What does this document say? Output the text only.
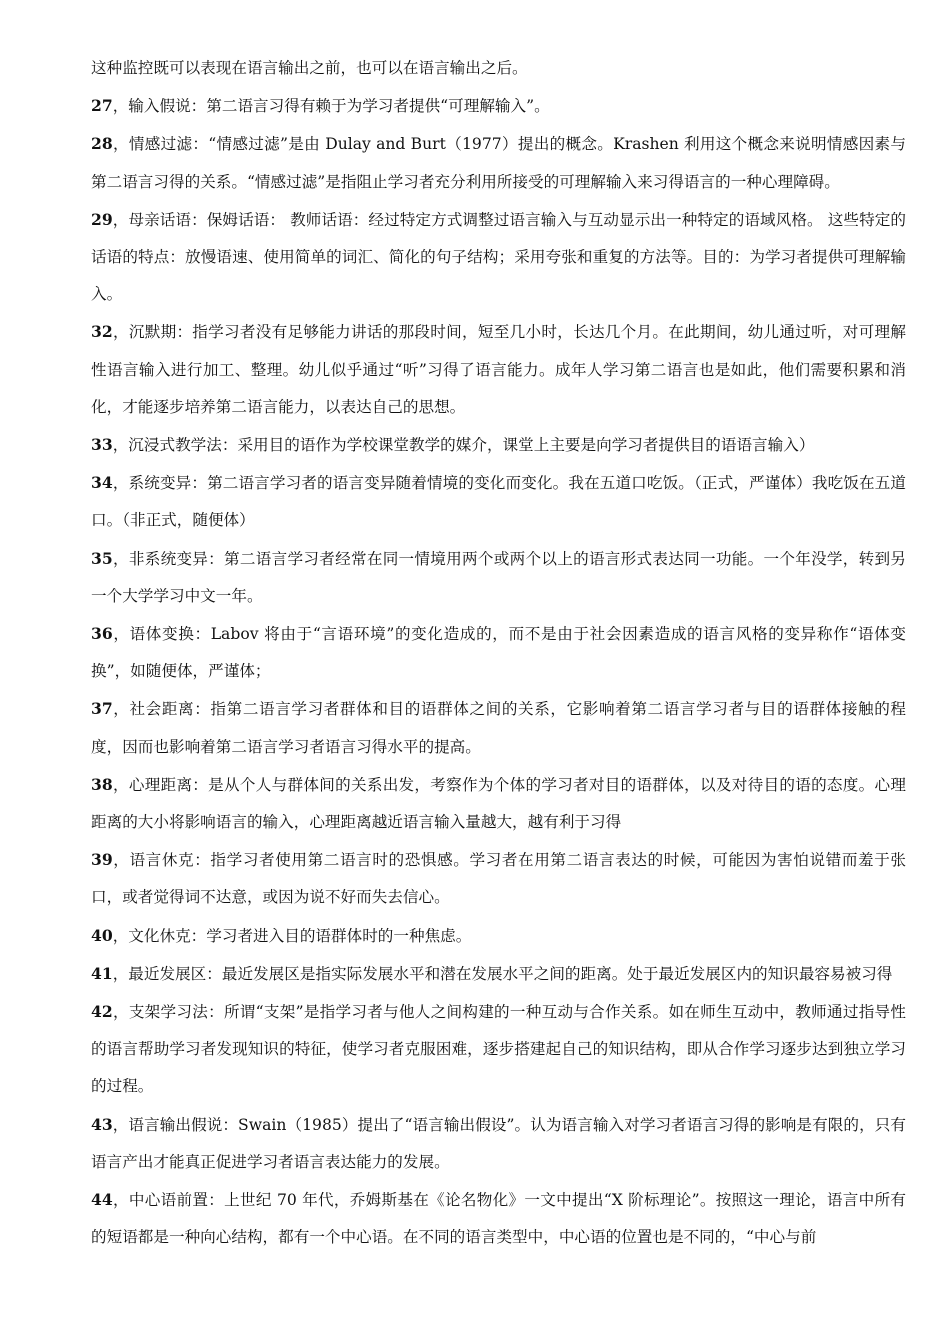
这种监控既可以表现在语言输出之前，也可以在语言输出之后。

27，输入假说：第二语言习得有赖于为学习者提供“可理解输入”。

28，情感过滤：“情感过滤”是由 Dulay and Burt（1977）提出的概念。Krashen 利用这个概念来说明情感因素与第二语言习得的关系。“情感过滤”是指阻止学习者充分利用所接受的可理解输入来习得语言的一种心理障碍。

29，母亲话语：保姆话语： 教师话语：经过特定方式调整过语言输入与互动显示出一种特定的语域风格。 这些特定的话语的特点：放慢语速、使用简单的词汇、简化的句子结构；采用夸张和重复的方法等。目的：为学习者提供可理解输入。

32，沉默期：指学习者没有足够能力讲话的那段时间，短至几小时，长达几个月。在此期间，幼儿通过听，对可理解性语言输入进行加工、整理。幼儿似乎通过“听”习得了语言能力。成年人学习第二语言也是如此，他们需要积累和消化，才能逐步培养第二语言能力，以表达自己的思想。

33，沉浸式教学法：采用目的语作为学校课堂教学的媒介，课堂上主要是向学习者提供目的语语言输入）

34，系统变异：第二语言学习者的语言变异随着情境的变化而变化。我在五道口吃饭。（正式，严谨体）我吃饭在五道口。（非正式，随便体）

35，非系统变异：第二语言学习者经常在同一情境用两个或两个以上的语言形式表达同一功能。一个年没学，转到另一个大学学习中文一年。

36，语体变换：Labov 将由于“言语环境”的变化造成的，而不是由于社会因素造成的语言风格的变异称作“语体变换”，如随便体，严谨体；

37，社会距离：指第二语言学习者群体和目的语群体之间的关系，它影响着第二语言学习者与目的语群体接触的程度，因而也影响着第二语言学习者语言习得水平的提高。

38，心理距离：是从个人与群体间的关系出发，考察作为个体的学习者对目的语群体，以及对待目的语的态度。心理距离的大小将影响语言的输入，心理距离越近语言输入量越大，越有利于习得

39，语言休克：指学习者使用第二语言时的恐惧感。学习者在用第二语言表达的时候，可能因为害怕说错而羞于张口，或者觉得词不达意，或因为说不好而失去信心。

40，文化休克：学习者进入目的语群体时的一种焦虑。

41，最近发展区：最近发展区是指实际发展水平和潜在发展水平之间的距离。处于最近发展区内的知识最容易被习得

42，支架学习法：所谓“支架”是指学习者与他人之间构建的一种互动与合作关系。如在师生互动中，教师通过指导性的语言帮助学习者发现知识的特征，使学习者克服困难，逐步搭建起自己的知识结构，即从合作学习逐步达到独立学习的过程。

43，语言输出假说：Swain（1985）提出了“语言输出假设”。认为语言输入对学习者语言习得的影响是有限的，只有语言产出才能真正促进学习者语言表达能力的发展。

44，中心语前置：上世纪 70 年代，乔姆斯基在《论名物化》一文中提出“X 阶标理论”。按照这一理论，语言中所有的短语都是一种向心结构，都有一个中心语。在不同的语言类型中，中心语的位置也是不同的，“中心与前
